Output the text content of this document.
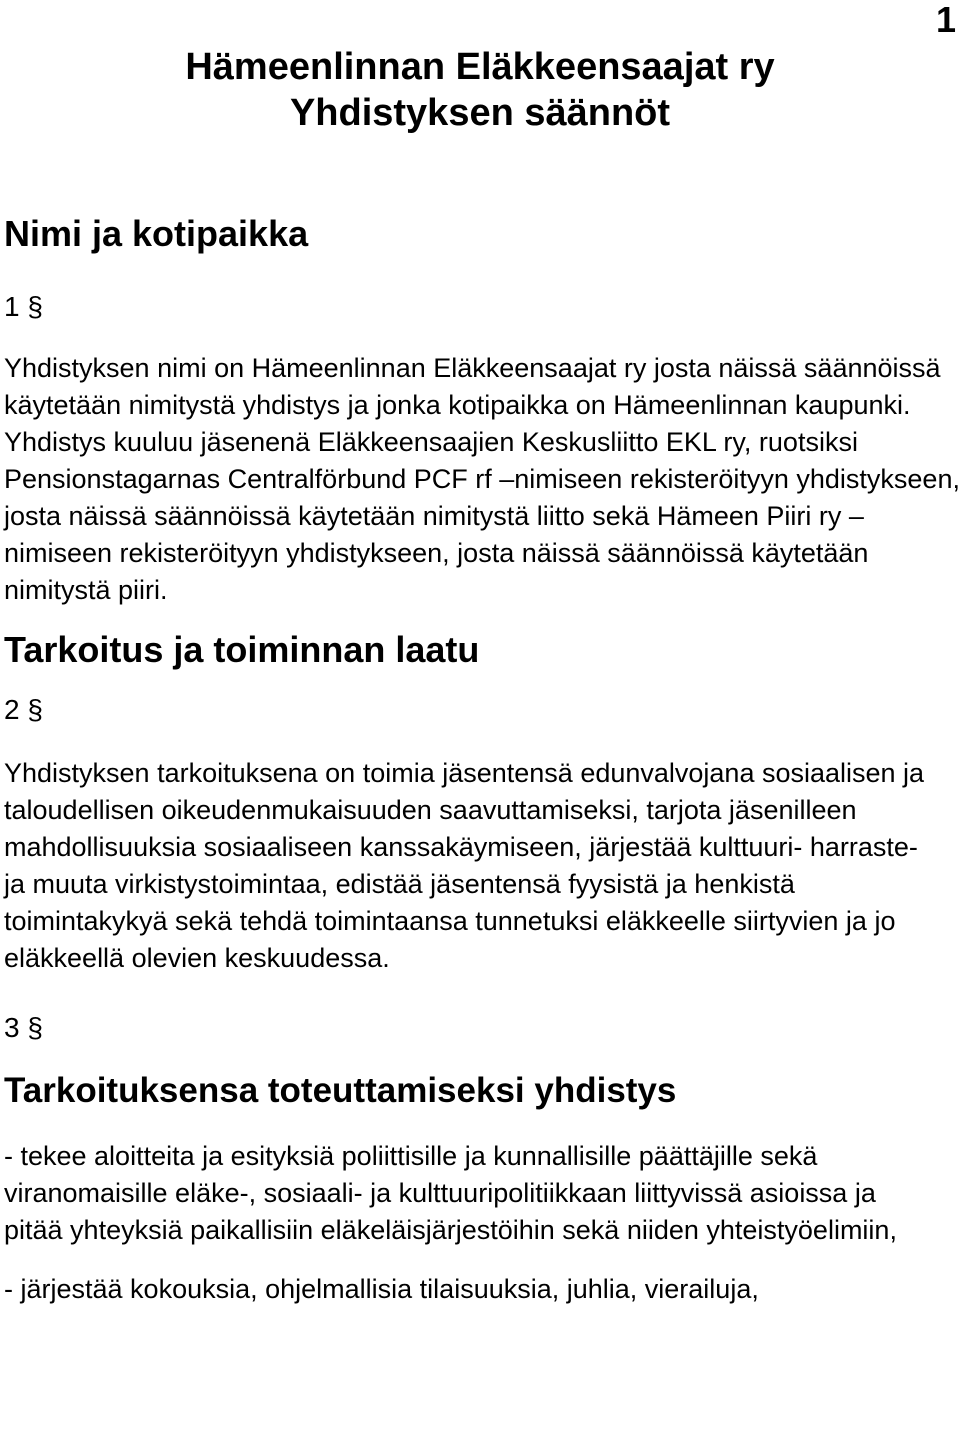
1
Hämeenlinnan Eläkkeensaajat ry
Yhdistyksen säännöt
Nimi ja kotipaikka
1 §
Yhdistyksen nimi on Hämeenlinnan Eläkkeensaajat ry josta näissä säännöissä käytetään nimitystä yhdistys ja jonka kotipaikka on Hämeenlinnan kaupunki. Yhdistys kuuluu jäsenenä Eläkkeensaajien Keskusliitto EKL ry, ruotsiksi Pensionstagarnas Centralförbund PCF rf –nimiseen rekisteröityyn yhdistykseen, josta näissä säännöissä käytetään nimitystä liitto sekä Hämeen Piiri ry –nimiseen rekisteröityyn yhdistykseen, josta näissä säännöissä käytetään nimitystä piiri.
Tarkoitus ja toiminnan laatu
2 §
Yhdistyksen tarkoituksena on toimia jäsentensä edunvalvojana sosiaalisen ja taloudellisen oikeudenmukaisuuden saavuttamiseksi, tarjota jäsenilleen mahdollisuuksia sosiaaliseen kanssakäymiseen, järjestää kulttuuri- harraste- ja muuta virkistystoimintaa, edistää jäsentensä fyysistä ja henkistä toimintakykyä sekä tehdä toimintaansa tunnetuksi eläkkeelle siirtyvien ja jo eläkkeellä olevien keskuudessa.
3 §
Tarkoituksensa toteuttamiseksi yhdistys
- tekee aloitteita ja esityksiä poliittisille ja kunnallisille päättäjille sekä viranomaisille eläke-, sosiaali- ja kulttuuripolitiikkaan liittyvissä asioissa ja pitää yhteyksiä paikallisiin eläkeläisjärjestöihin sekä niiden yhteistyöelimiin,
- järjestää kokouksia, ohjelmallisia tilaisuuksia, juhlia, vierailuja,
